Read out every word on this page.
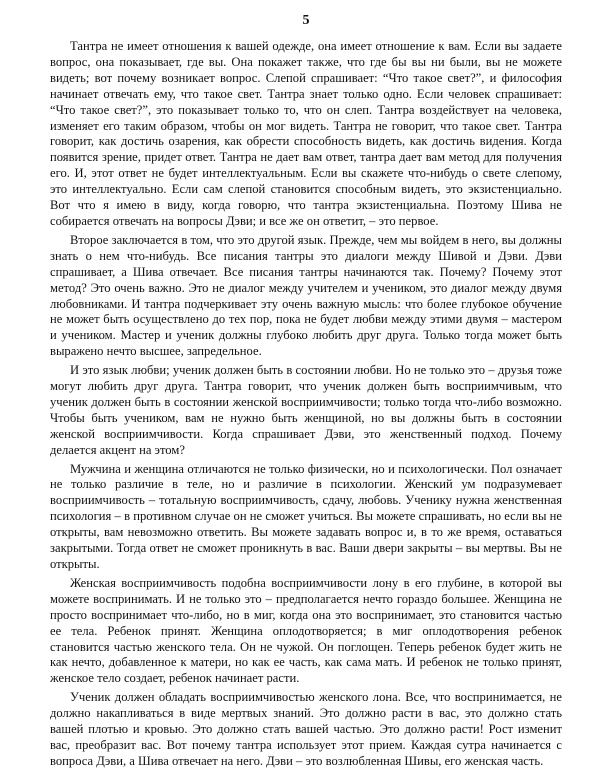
5

Тантра не имеет отношения к вашей одежде, она имеет отношение к вам. Если вы задаете вопрос, она показывает, где вы. Она покажет также, что где бы вы ни были, вы не можете видеть; вот почему возникает вопрос. Слепой спрашивает: “Что такое свет?”, и философия начинает отвечать ему, что такое свет. Тантра знает только одно. Если человек спрашивает: “Что такое свет?”, это показывает только то, что он слеп. Тантра воздействует на человека, изменяет его таким образом, чтобы он мог видеть. Тантра не говорит, что такое свет. Тантра говорит, как достичь озарения, как обрести способность видеть, как достичь видения. Когда появится зрение, придет ответ. Тантра не дает вам ответ, тантра дает вам метод для получения его. И, этот ответ не будет интеллектуальным. Если вы скажете что-нибудь о свете слепому, это интеллектуально. Если сам слепой становится способным видеть, это экзистенциально. Вот что я имею в виду, когда говорю, что тантра экзистенциальна. Поэтому Шива не собирается отвечать на вопросы Дэви; и все же он ответит, – это первое.

Второе заключается в том, что это другой язык. Прежде, чем мы войдем в него, вы должны знать о нем что-нибудь. Все писания тантры это диалоги между Шивой и Дэви. Дэви спрашивает, а Шива отвечает. Все писания тантры начинаются так. Почему? Почему этот метод? Это очень важно. Это не диалог между учителем и учеником, это диалог между двумя любовниками. И тантра подчеркивает эту очень важную мысль: что более глубокое обучение не может быть осуществлено до тех пор, пока не будет любви между этими двумя – мастером и учеником. Мастер и ученик должны глубоко любить друг друга. Только тогда может быть выражено нечто высшее, запредельное.

И это язык любви; ученик должен быть в состоянии любви. Но не только это – друзья тоже могут любить друг друга. Тантра говорит, что ученик должен быть восприимчивым, что ученик должен быть в состоянии женской восприимчивости; только тогда что-либо возможно. Чтобы быть учеником, вам не нужно быть женщиной, но вы должны быть в состоянии женской восприимчивости. Когда спрашивает Дэви, это женственный подход. Почему делается акцент на этом?

Мужчина и женщина отличаются не только физически, но и психологически. Пол означает не только различие в теле, но и различие в психологии. Женский ум подразумевает восприимчивость – тотальную восприимчивость, сдачу, любовь. Ученику нужна женственная психология – в противном случае он не сможет учиться. Вы можете спрашивать, но если вы не открыты, вам невозможно ответить. Вы можете задавать вопрос и, в то же время, оставаться закрытыми. Тогда ответ не сможет проникнуть в вас. Ваши двери закрыты – вы мертвы. Вы не открыты.

Женская восприимчивость подобна восприимчивости лону в его глубине, в которой вы можете воспринимать. И не только это – предполагается нечто гораздо большее. Женщина не просто воспринимает что-либо, но в миг, когда она это воспринимает, это становится частью ее тела. Ребенок принят. Женщина оплодотворяется; в миг оплодотворения ребенок становится частью женского тела. Он не чужой. Он поглощен. Теперь ребенок будет жить не как нечто, добавленное к матери, но как ее часть, как сама мать. И ребенок не только принят, женское тело создает, ребенок начинает расти.

Ученик должен обладать восприимчивостью женского лона. Все, что воспринимается, не должно накапливаться в виде мертвых знаний. Это должно расти в вас, это должно стать вашей плотью и кровью. Это должно стать вашей частью. Это должно расти! Рост изменит вас, преобразит вас. Вот почему тантра использует этот прием. Каждая сутра начинается с вопроса Дэви, а Шива отвечает на него. Дэви – это возлюбленная Шивы, его женская часть.
